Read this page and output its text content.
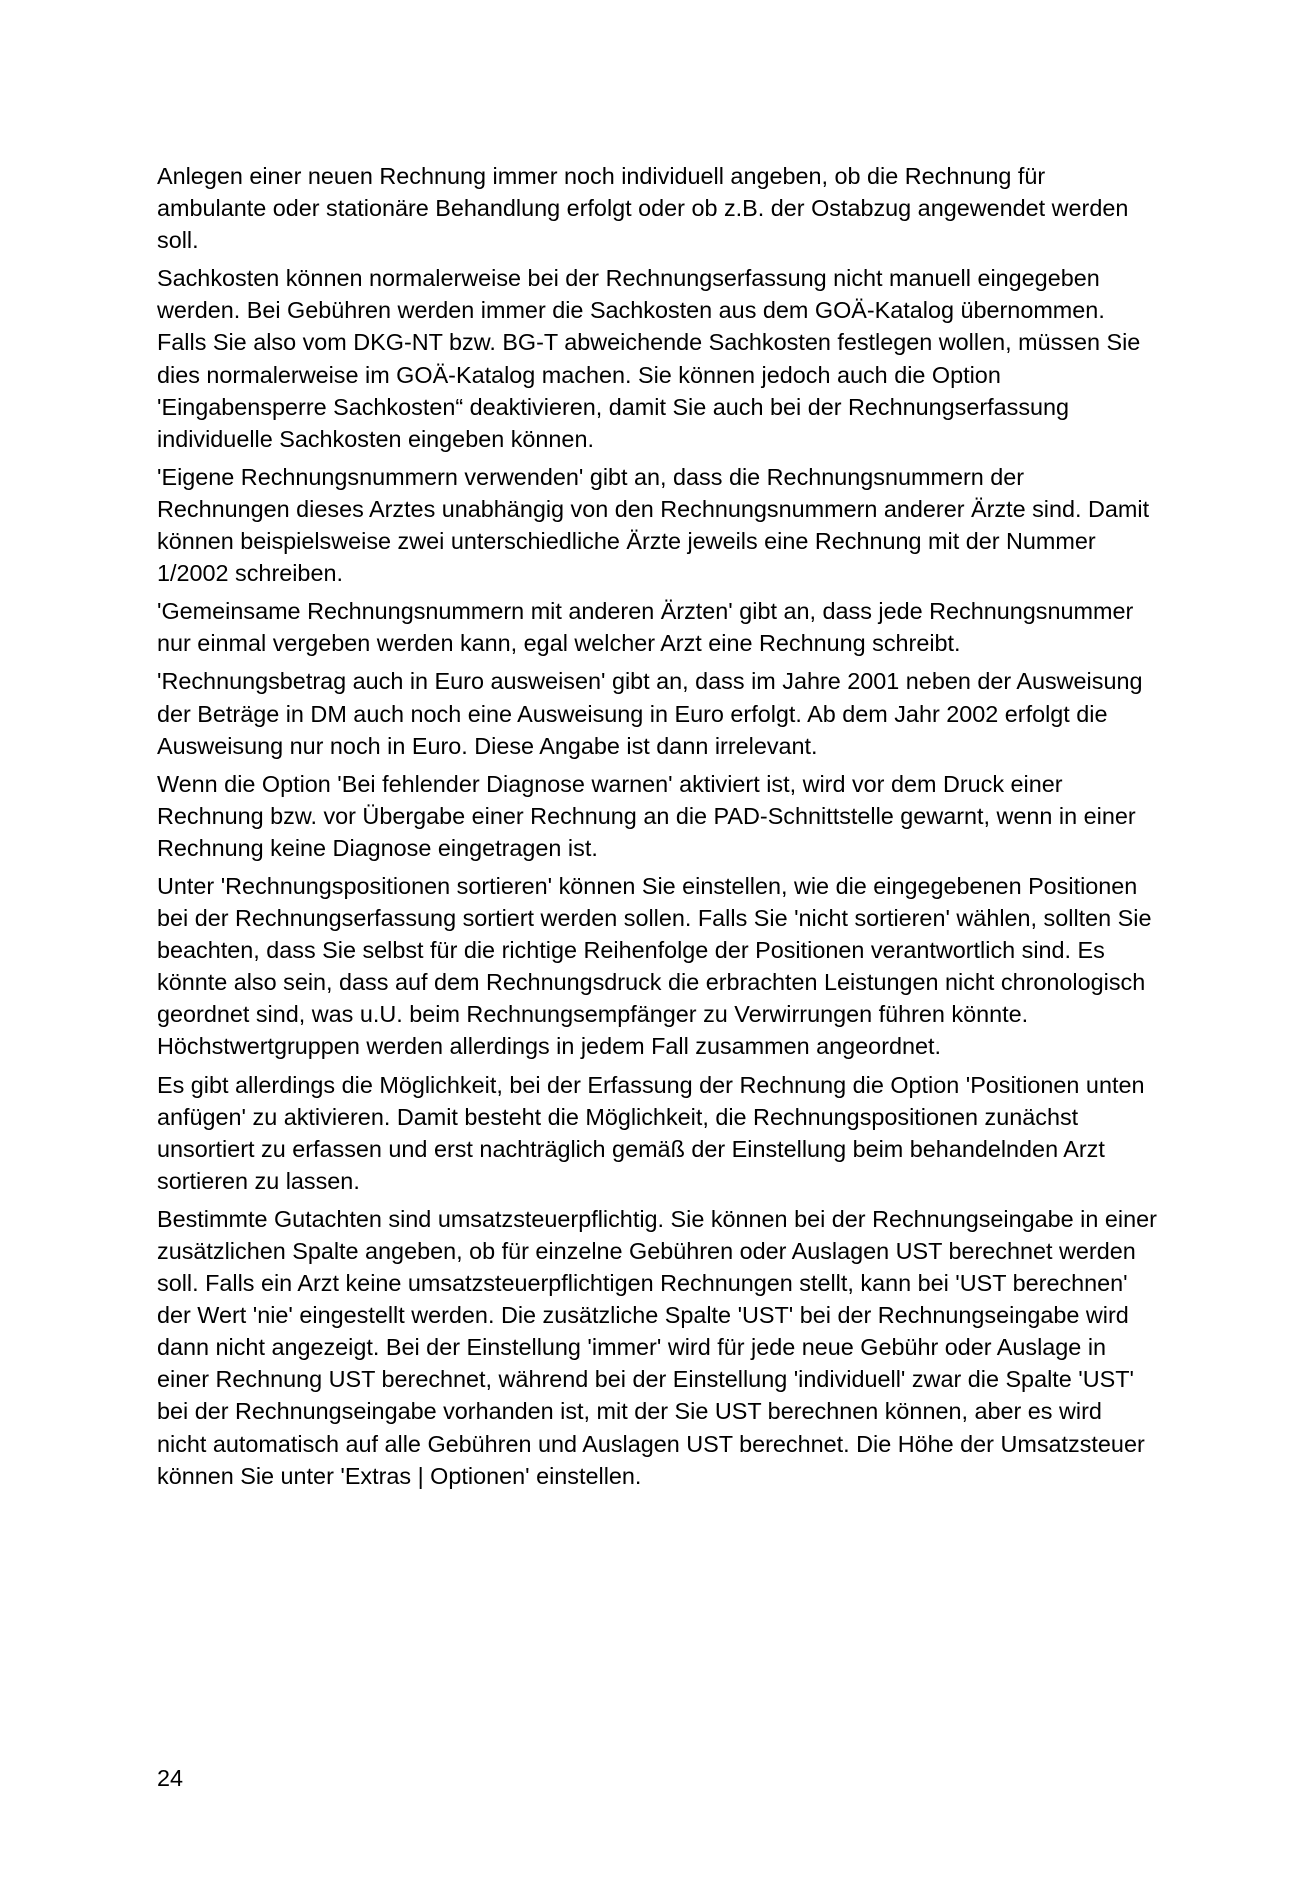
Anlegen einer neuen Rechnung immer noch individuell angeben, ob die Rechnung für ambulante oder stationäre Behandlung erfolgt oder ob z.B. der Ostabzug angewendet werden soll.

Sachkosten können normalerweise bei der Rechnungserfassung nicht manuell eingegeben werden. Bei Gebühren werden immer die Sachkosten aus dem GOÄ-Katalog übernommen. Falls Sie also vom DKG-NT bzw. BG-T abweichende Sachkosten festlegen wollen, müssen Sie dies normalerweise im GOÄ-Katalog machen. Sie können jedoch auch die Option 'Eingabensperre Sachkosten“ deaktivieren, damit Sie auch bei der Rechnungserfassung individuelle Sachkosten eingeben können.

'Eigene Rechnungsnummern verwenden' gibt an, dass die Rechnungsnummern der Rechnungen dieses Arztes unabhängig von den Rechnungsnummern anderer Ärzte sind. Damit können beispielsweise zwei unterschiedliche Ärzte jeweils eine Rechnung mit der Nummer 1/2002 schreiben.

'Gemeinsame Rechnungsnummern mit anderen Ärzten' gibt an, dass jede Rechnungsnummer nur einmal vergeben werden kann, egal welcher Arzt eine Rechnung schreibt.

'Rechnungsbetrag auch in Euro ausweisen' gibt an, dass im Jahre 2001 neben der Ausweisung der Beträge in DM auch noch eine Ausweisung in Euro erfolgt. Ab dem Jahr 2002 erfolgt die Ausweisung nur noch in Euro. Diese Angabe ist dann irrelevant.

Wenn die Option 'Bei fehlender Diagnose warnen' aktiviert ist, wird vor dem Druck einer Rechnung bzw. vor Übergabe einer Rechnung an die PAD-Schnittstelle gewarnt, wenn in einer Rechnung keine Diagnose eingetragen ist.

Unter 'Rechnungspositionen sortieren' können Sie einstellen, wie die eingegebenen Positionen bei der Rechnungserfassung sortiert werden sollen. Falls Sie 'nicht sortieren' wählen, sollten Sie beachten, dass Sie selbst für die richtige Reihenfolge der Positionen verantwortlich sind. Es könnte also sein, dass auf dem Rechnungsdruck die erbrachten Leistungen nicht chronologisch geordnet sind, was u.U. beim Rechnungsempfänger zu Verwirrungen führen könnte. Höchstwertgruppen werden allerdings in jedem Fall zusammen angeordnet.

Es gibt allerdings die Möglichkeit, bei der Erfassung der Rechnung die Option 'Positionen unten anfügen' zu aktivieren. Damit besteht die Möglichkeit, die Rechnungspositionen zunächst unsortiert zu erfassen und erst nachträglich gemäß der Einstellung beim behandelnden Arzt sortieren zu lassen.

Bestimmte Gutachten sind umsatzsteuerpflichtig. Sie können bei der Rechnungseingabe in einer zusätzlichen Spalte angeben, ob für einzelne Gebühren oder Auslagen UST berechnet werden soll. Falls ein Arzt keine umsatzsteuerpflichtigen Rechnungen stellt, kann bei 'UST berechnen' der Wert 'nie' eingestellt werden. Die zusätzliche Spalte 'UST' bei der Rechnungseingabe wird dann nicht angezeigt. Bei der Einstellung 'immer' wird für jede neue Gebühr oder Auslage in einer Rechnung UST berechnet, während bei der Einstellung 'individuell' zwar die Spalte 'UST' bei der Rechnungseingabe vorhanden ist, mit der Sie UST berechnen können, aber es wird nicht automatisch auf alle Gebühren und Auslagen UST berechnet. Die Höhe der Umsatzsteuer können Sie unter 'Extras | Optionen' einstellen.

24
